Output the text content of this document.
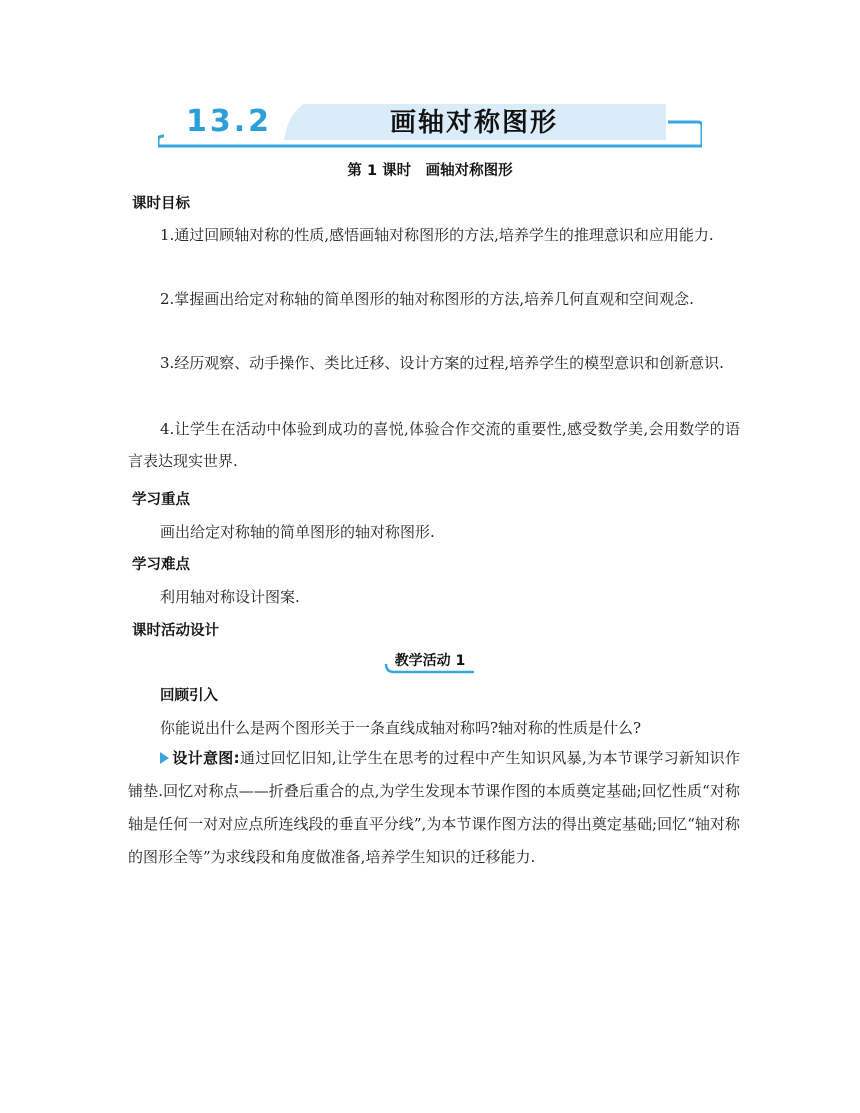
13.2	画轴对称图形
第 1 课时　画轴对称图形
课时目标

1.通过回顾轴对称的性质,感悟画轴对称图形的方法,培养学生的推理意识和应用能力.

2.掌握画出给定对称轴的简单图形的轴对称图形的方法,培养几何直观和空间观念.

3.经历观察、动手操作、类比迁移、设计方案的过程,培养学生的模型意识和创新意识.

4.让学生在活动中体验到成功的喜悦,体验合作交流的重要性,感受数学美,会用数学的语言表达现实世界.

学习重点
画出给定对称轴的简单图形的轴对称图形.
学习难点
利用轴对称设计图案.
课时活动设计
教学活动 1
回顾引入
你能说出什么是两个图形关于一条直线成轴对称吗?轴对称的性质是什么?

设计意图:通过回忆旧知,让学生在思考的过程中产生知识风暴,为本节课学习新知识作铺垫.回忆对称点——折叠后重合的点,为学生发现本节课作图的本质奠定基础;回忆性质“对称轴是任何一对对应点所连线段的垂直平分线”,为本节课作图方法的得出奠定基础;回忆“轴对称的图形全等”为求线段和角度做准备,培养学生知识的迁移能力.
